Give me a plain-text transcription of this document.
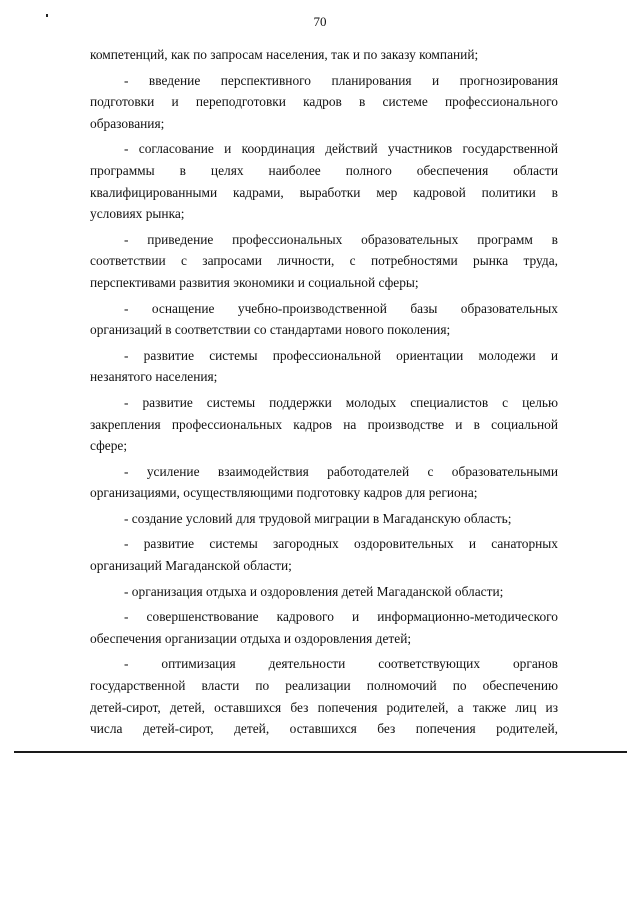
70
компетенций, как по запросам населения, так и по заказу компаний;
- введение перспективного планирования и прогнозирования
подготовки и переподготовки кадров в системе профессионального
образования;
- согласование и координация действий участников государственной
программы в целях наиболее полного обеспечения области
квалифицированными кадрами, выработки мер кадровой политики в
условиях рынка;
- приведение профессиональных образовательных программ в
соответствии с запросами личности, с потребностями рынка труда,
перспективами развития экономики и социальной сферы;
- оснащение учебно-производственной базы образовательных
организаций в соответствии со стандартами нового поколения;
- развитие системы профессиональной ориентации молодежи и
незанятого населения;
- развитие системы поддержки молодых специалистов с целью
закрепления профессиональных кадров на производстве и в социальной
сфере;
- усиление взаимодействия работодателей с образовательными
организациями, осуществляющими подготовку кадров для региона;
- создание условий для трудовой миграции в Магаданскую область;
- развитие системы загородных оздоровительных и санаторных
организаций Магаданской области;
- организация отдыха и оздоровления детей Магаданской области;
- совершенствование кадрового и информационно-методического
обеспечения организации отдыха и оздоровления детей;
- оптимизация деятельности соответствующих органов
государственной власти по реализации полномочий по обеспечению
детей-сирот, детей, оставшихся без попечения родителей, а также лиц из
числа детей-сирот, детей, оставшихся без попечения родителей,
